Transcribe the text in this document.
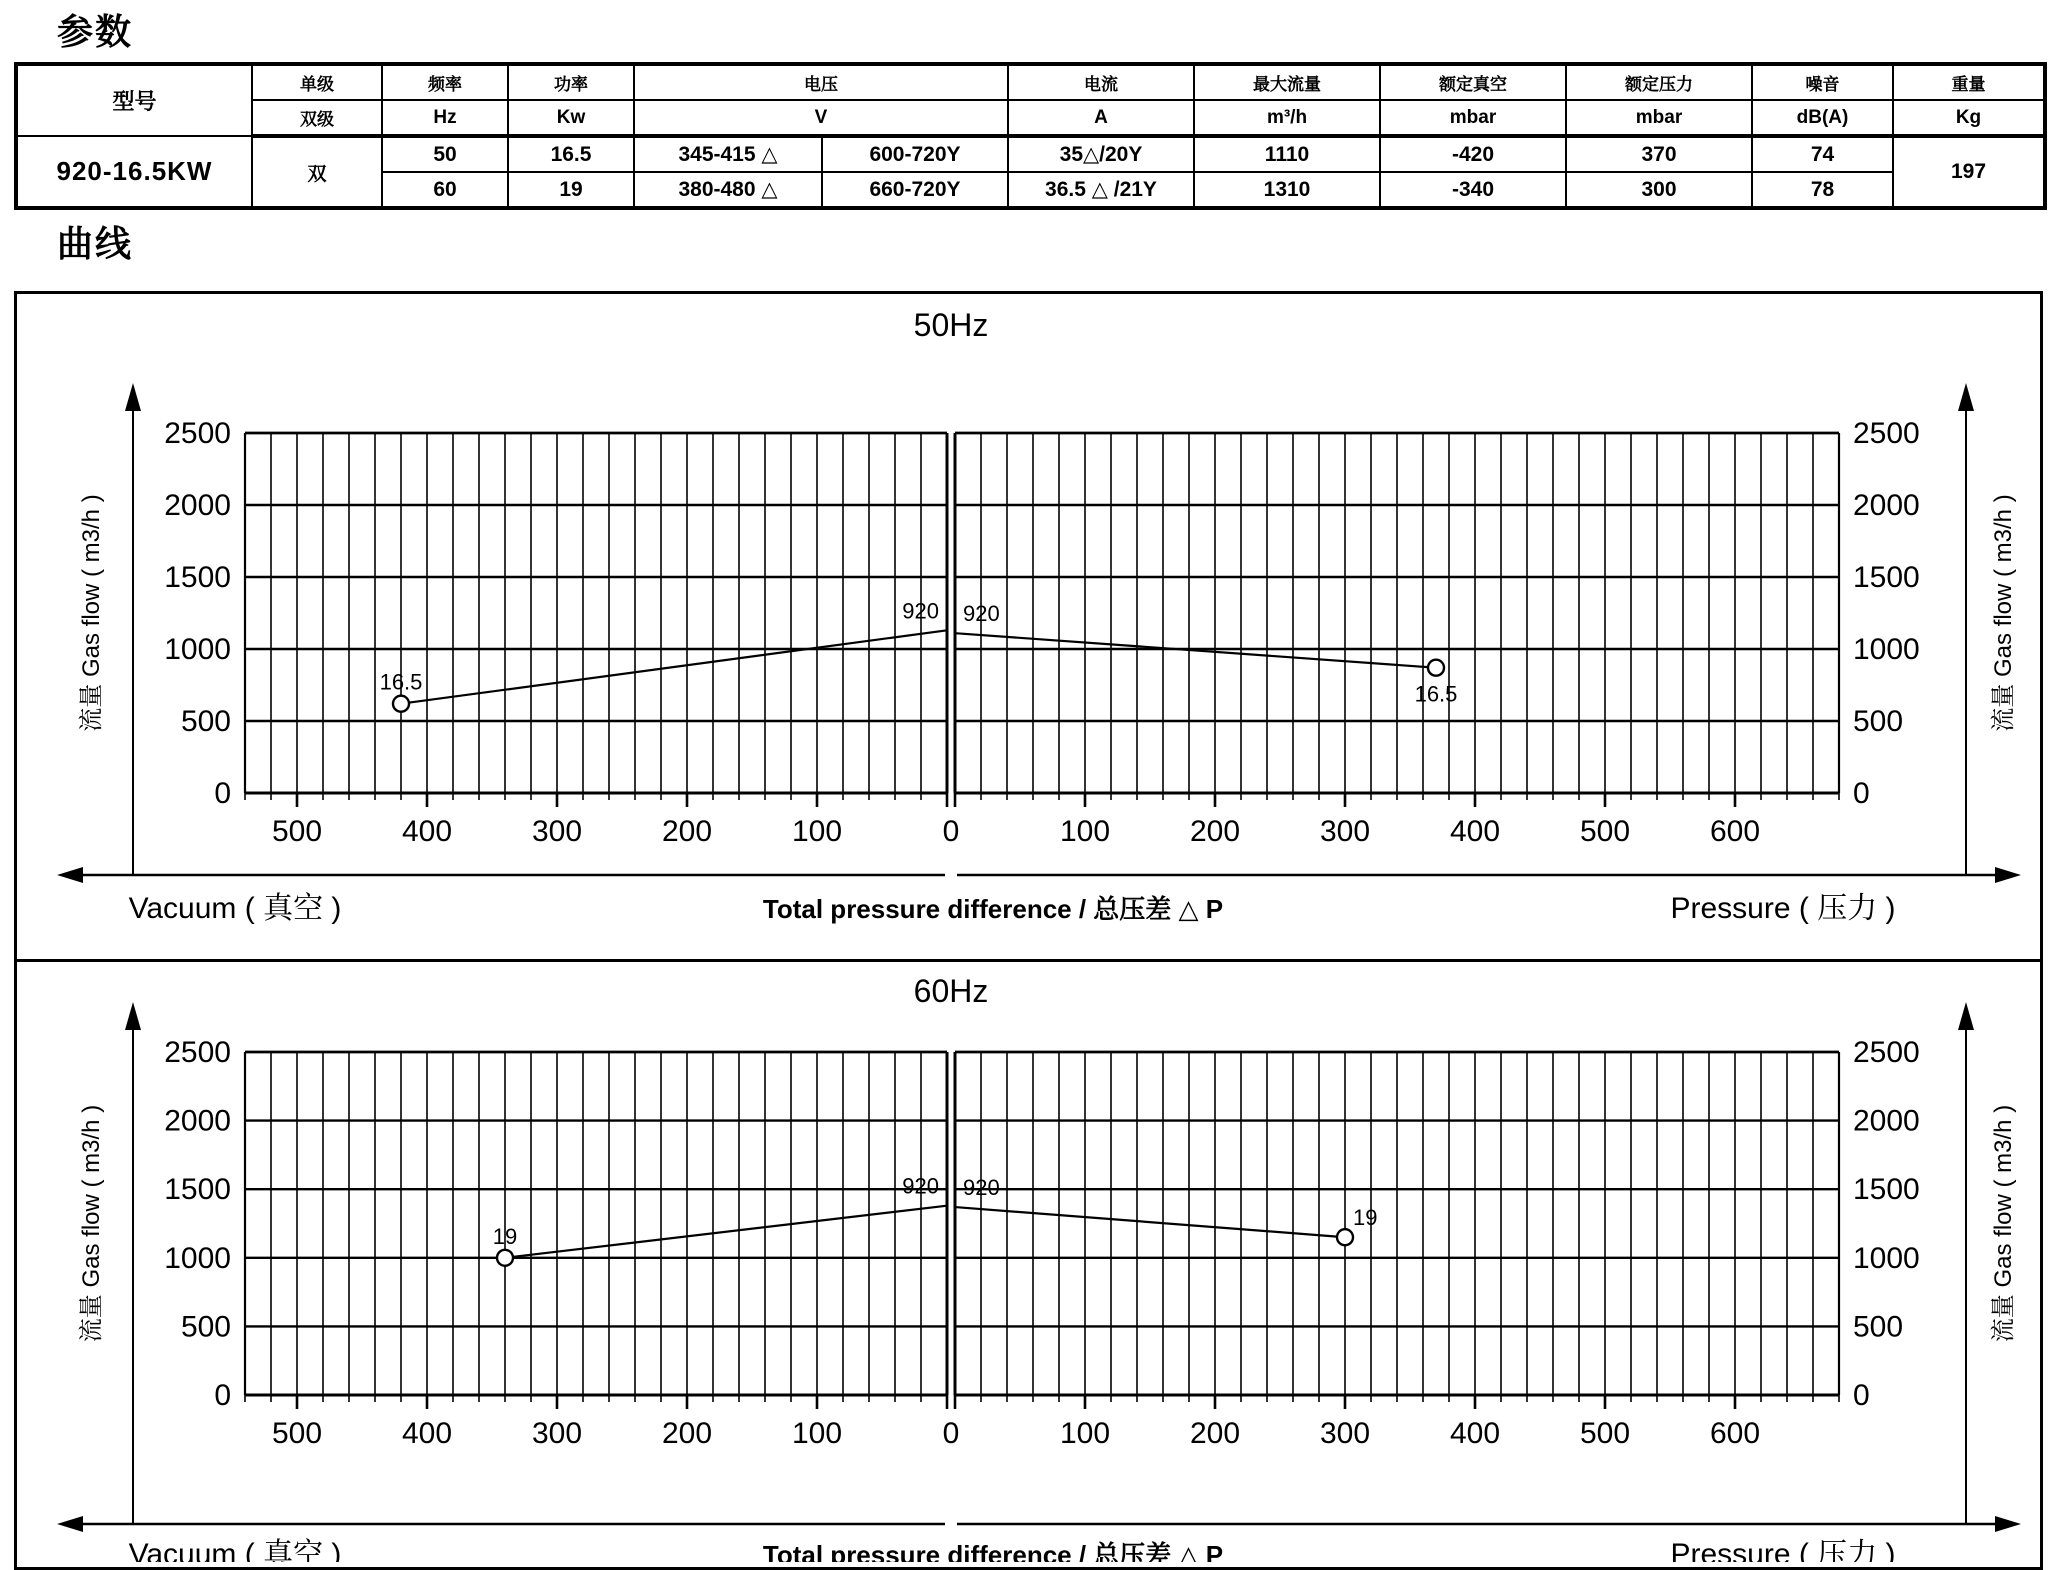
参数
型号	单级	频率	功率	电压		电流	最大流量	额定真空	额定压力	噪音	重量
	双级	Hz	Kw	V		A	m³/h	mbar	mbar	dB(A)	Kg
920-16.5KW	双	50	16.5	345-415 △	600-720Y	35△/20Y	1110	-420	370	74	197
		60	19	380-480 △	660-720Y	36.5 △ /21Y	1310	-340	300	78	
曲线
0	0
500	500
1000	1000
1500	1500
2000	2000
2500	2500
500	400	300	200	100	100	200	300	400	500	600
0
16.5
920 920
16.5
50Hz
Vacuum ( 真空 )	Total pressure difference / 总压差 △ P	Pressure ( 压力 )
流量 Gas flow ( m3/h )	流量 Gas flow ( m3/h )
0	0
500	500
1000	1000
1500	1500
2000	2000
2500	2500
500	400	300	200	100	100	200	300	400	500	600
0
19
920 920
19
60Hz
Vacuum ( 真空 )	Total pressure difference / 总压差 △ P	Pressure ( 压力 )
流量 Gas flow ( m3/h )	流量 Gas flow ( m3/h )
